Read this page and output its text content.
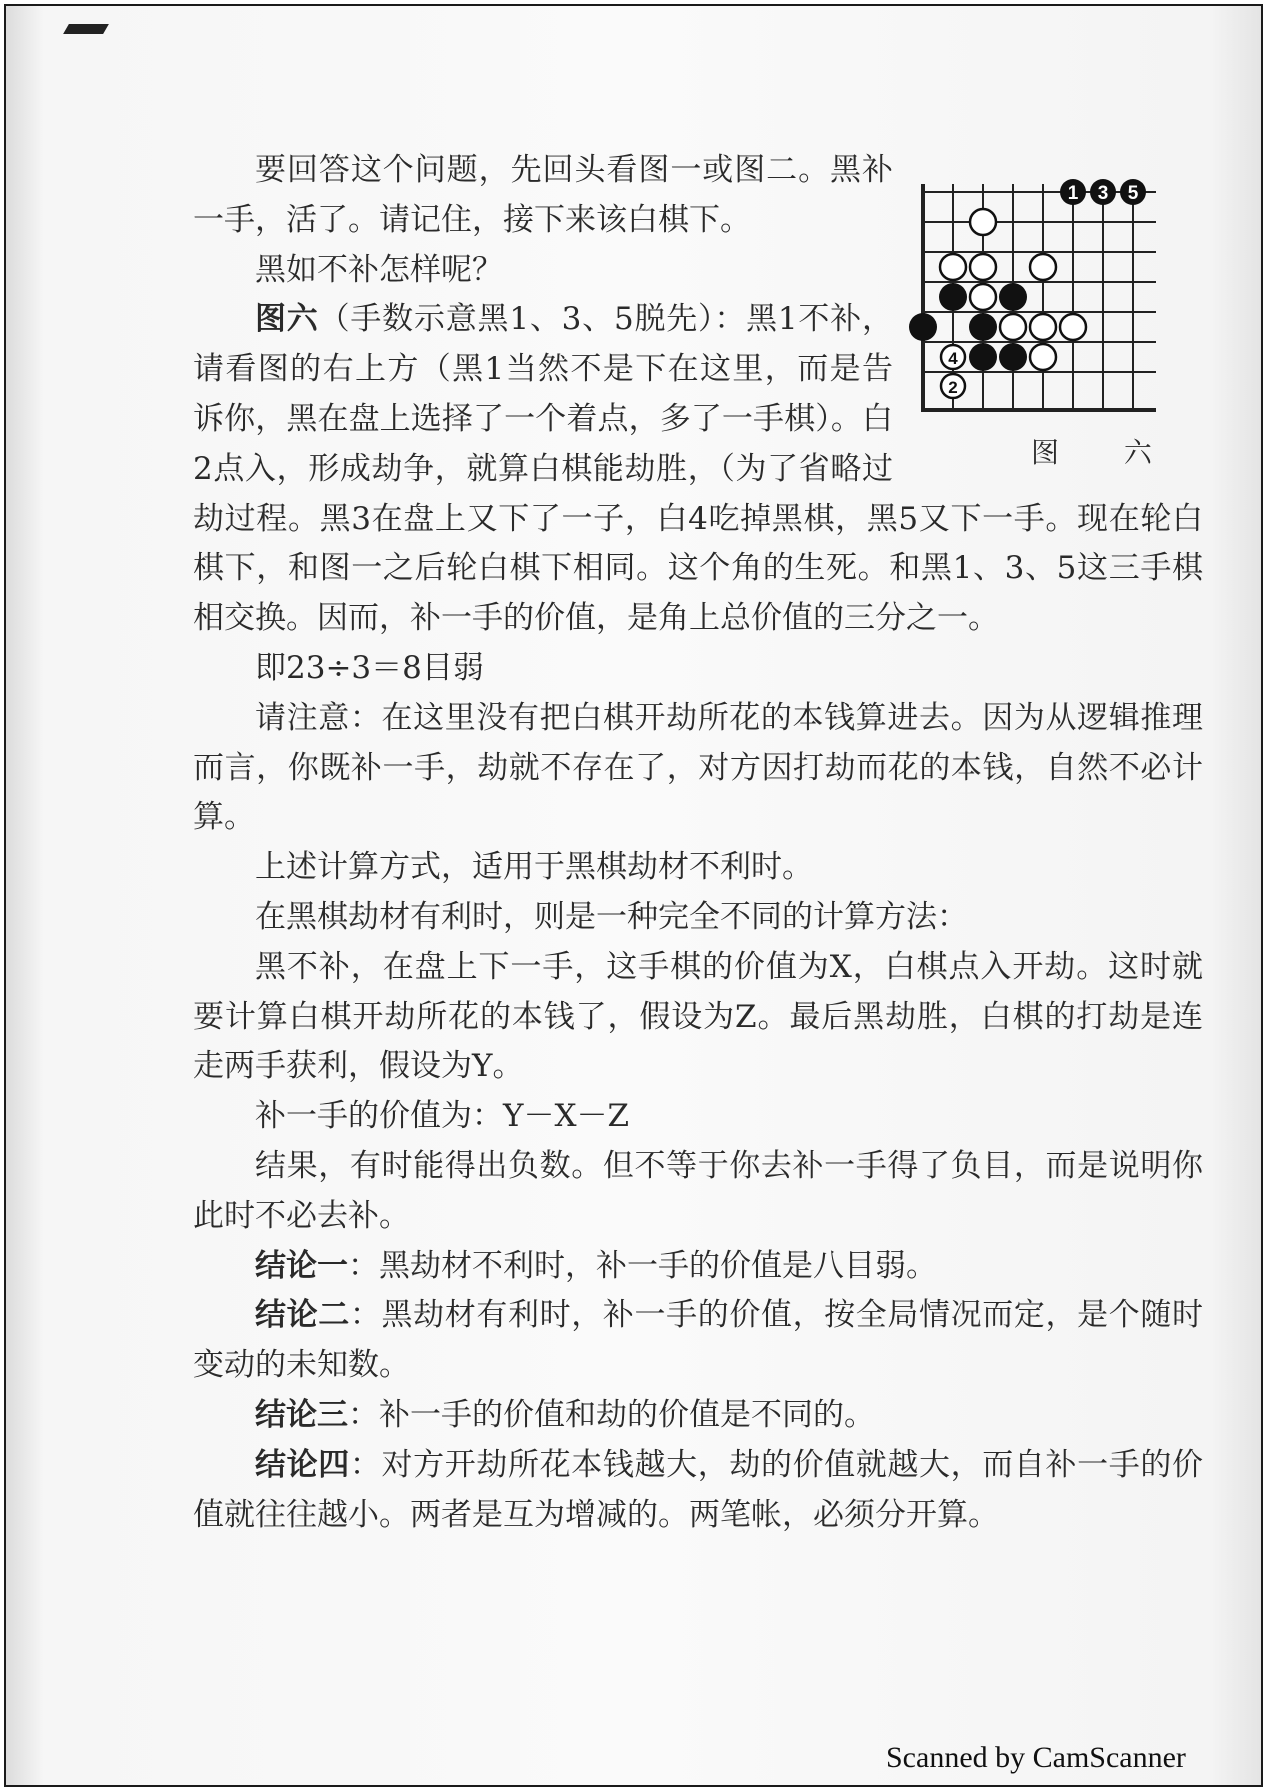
1 3 5
4
2
图 六

要回答这个问题，先回头看图一或图二。黑补一手，活了。请记住，接下来该白棋下。

黑如不补怎样呢？

图六（手数示意黑1、3、5脱先）：黑1不补，请看图的右上方（黑1当然不是下在这里，而是告诉你，黑在盘上选择了一个着点，多了一手棋）。白2点入，形成劫争，就算白棋能劫胜，（为了省略过劫过程。黑3在盘上又下了一子，白4吃掉黑棋，黑5又下一手。现在轮白棋下，和图一之后轮白棋下相同。这个角的生死。和黑1、3、5这三手棋相交换。因而，补一手的价值，是角上总价值的三分之一。

即23÷3＝8目弱

请注意：在这里没有把白棋开劫所花的本钱算进去。因为从逻辑推理而言，你既补一手，劫就不存在了，对方因打劫而花的本钱，自然不必计算。

上述计算方式，适用于黑棋劫材不利时。

在黑棋劫材有利时，则是一种完全不同的计算方法：

黑不补，在盘上下一手，这手棋的价值为X，白棋点入开劫。这时就要计算白棋开劫所花的本钱了，假设为Z。最后黑劫胜，白棋的打劫是连走两手获利，假设为Y。

补一手的价值为：Y－X－Z

结果，有时能得出负数。但不等于你去补一手得了负目，而是说明你此时不必去补。

结论一：黑劫材不利时，补一手的价值是八目弱。

结论二：黑劫材有利时，补一手的价值，按全局情况而定，是个随时变动的未知数。

结论三：补一手的价值和劫的价值是不同的。

结论四：对方开劫所花本钱越大，劫的价值就越大，而自补一手的价值就往往越小。两者是互为增减的。两笔帐，必须分开算。

Scanned by CamScanner
